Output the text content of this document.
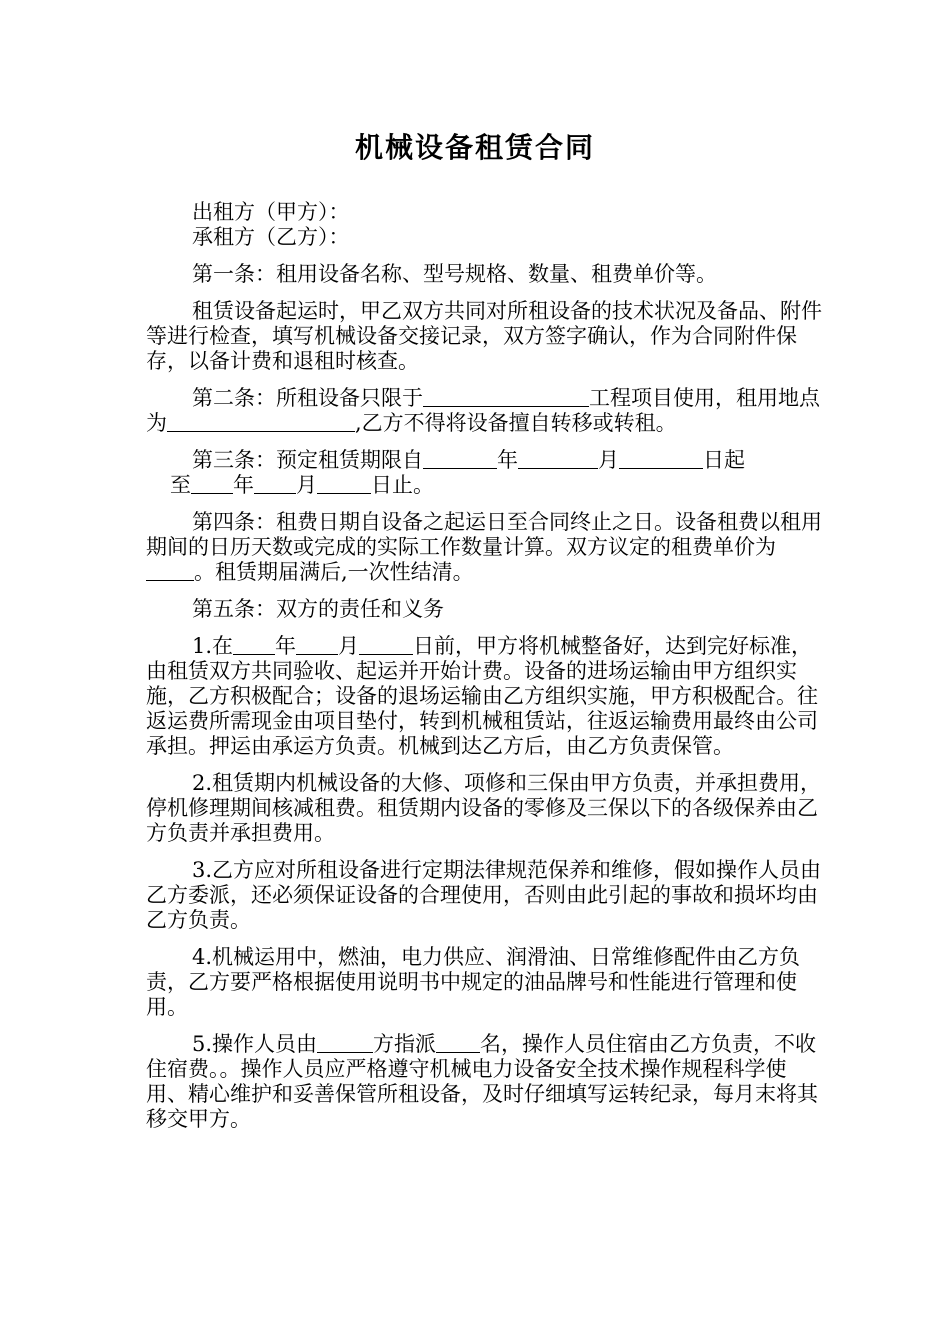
机械设备租赁合同

出租方（甲方）：

承租方（乙方）：

第一条：租用设备名称、型号规格、数量、租费单价等。

租赁设备起运时，甲乙双方共同对所租设备的技术状况及备品、附件等进行检查，填写机械设备交接记录，双方签字确认，作为合同附件保存，以备计费和退租时核查。

第二条：所租设备只限于	工程项目使用，租用地点为	,乙方不得将设备擅自转移或转租。

第三条：预定租赁期限自	年	月	日起
至 年 月	日止。

第四条：租费日期自设备之起运日至合同终止之日。设备租费以租用期间的日历天数或完成的实际工作数量计算。双方议定的租费单价为。租赁期届满后,一次性结清。

第五条：双方的责任和义务

1.在 年 月	日前，甲方将机械整备好，达到完好标准，由租赁双方共同验收、起运并开始计费。设备的进场运输由甲方组织实施，乙方积极配合；设备的退场运输由乙方组织实施，甲方积极配合。往返运费所需现金由项目垫付，转到机械租赁站，往返运输费用最终由公司承担。押运由承运方负责。机械到达乙方后，由乙方负责保管。

2.租赁期内机械设备的大修、项修和三保由甲方负责，并承担费用，停机修理期间核减租费。租赁期内设备的零修及三保以下的各级保养由乙方负责并承担费用。

3.乙方应对所租设备进行定期法律规范保养和维修，假如操作人员由乙方委派，还必须保证设备的合理使用，否则由此引起的事故和损坏均由乙方负责。

4.机械运用中，燃油，电力供应、润滑油、日常维修配件由乙方负责，乙方要严格根据使用说明书中规定的油品牌号和性能进行管理和使用。

5.操作人员由	方指派 名，操作人员住宿由乙方负责，不收住宿费。。操作人员应严格遵守机械电力设备安全技术操作规程科学使用、精心维护和妥善保管所租设备，及时仔细填写运转纪录，每月末将其移交甲方。
